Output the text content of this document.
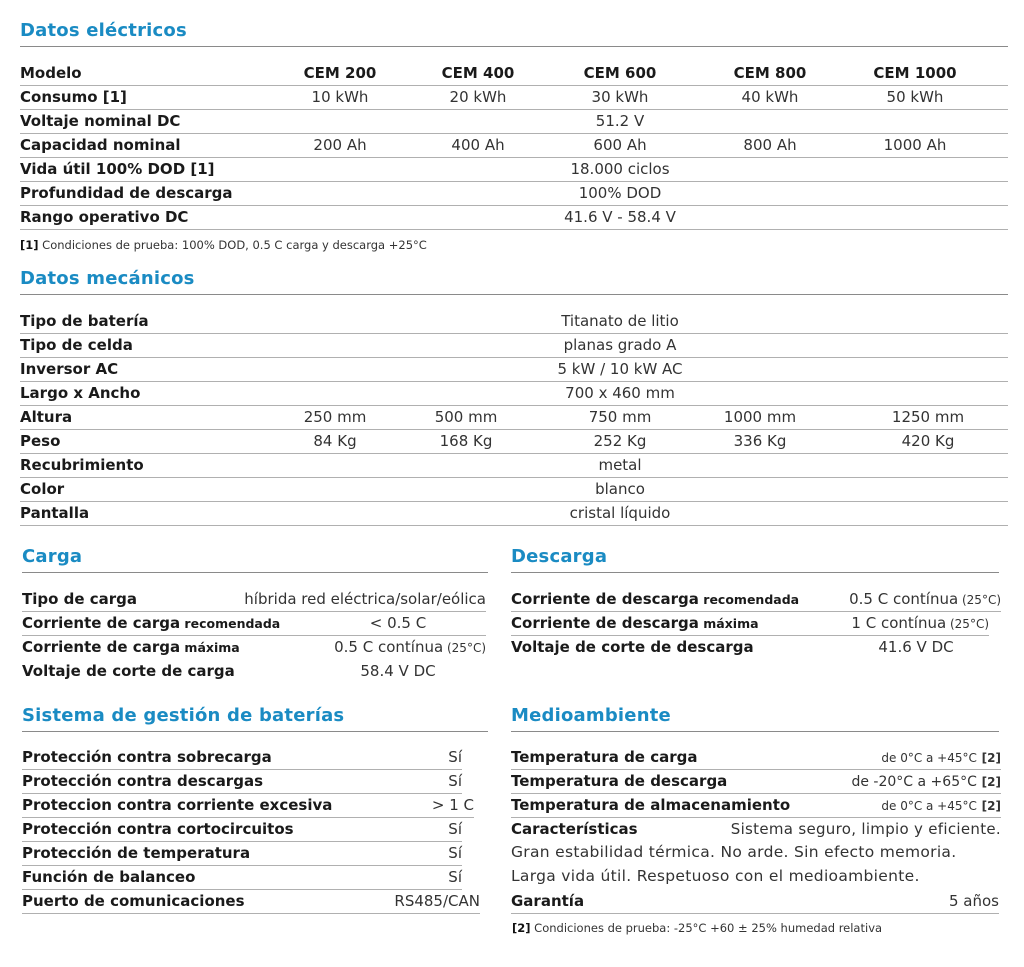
Datos eléctricos
Modelo	CEM 200	CEM 400	CEM 600	CEM 800	CEM 1000
Consumo [1]	10 kWh	20 kWh	30 kWh	40 kWh	50 kWh
Voltaje nominal DC	51.2 V
Capacidad nominal	200 Ah	400 Ah	600 Ah	800 Ah	1000 Ah
Vida útil 100% DOD [1]	18.000 ciclos
Profundidad de descarga	100% DOD
Rango operativo DC	41.6 V - 58.4 V
[1] Condiciones de prueba: 100% DOD, 0.5 C carga y descarga +25°C
Datos mecánicos
Tipo de batería	Titanato de litio
Tipo de celda	planas grado A
Inversor AC	5 kW / 10 kW AC
Largo x Ancho	700 x 460 mm
Altura	250 mm	500 mm	750 mm	1000 mm	1250 mm
Peso	84 Kg	168 Kg	252 Kg	336 Kg	420 Kg
Recubrimiento	metal
Color	blanco
Pantalla	cristal líquido
Carga
Tipo de carga	híbrida red eléctrica/solar/eólica
Corriente de carga recomendada	< 0.5 C
Corriente de carga máxima	0.5 C contínua (25°C)
Voltaje de corte de carga	58.4 V DC
Descarga
Corriente de descarga recomendada	0.5 C contínua (25°C)
Corriente de descarga máxima	1 C contínua (25°C)
Voltaje de corte de descarga	41.6 V DC
Sistema de gestión de baterías
Protección contra sobrecarga	Sí
Protección contra descargas	Sí
Proteccion contra corriente excesiva	> 1 C
Protección contra cortocircuitos	Sí
Protección de temperatura	Sí
Función de balanceo	Sí
Puerto de comunicaciones	RS485/CAN
Medioambiente
Temperatura de carga	de 0°C a +45°C [2]
Temperatura de descarga	de -20°C a +65°C [2]
Temperatura de almacenamiento	de 0°C a +45°C [2]
Características	Sistema seguro, limpio y eficiente.
Gran estabilidad térmica. No arde. Sin efecto memoria.
Larga vida útil. Respetuoso con el medioambiente.
Garantía	5 años
[2] Condiciones de prueba: -25°C +60 ± 25% humedad relativa
